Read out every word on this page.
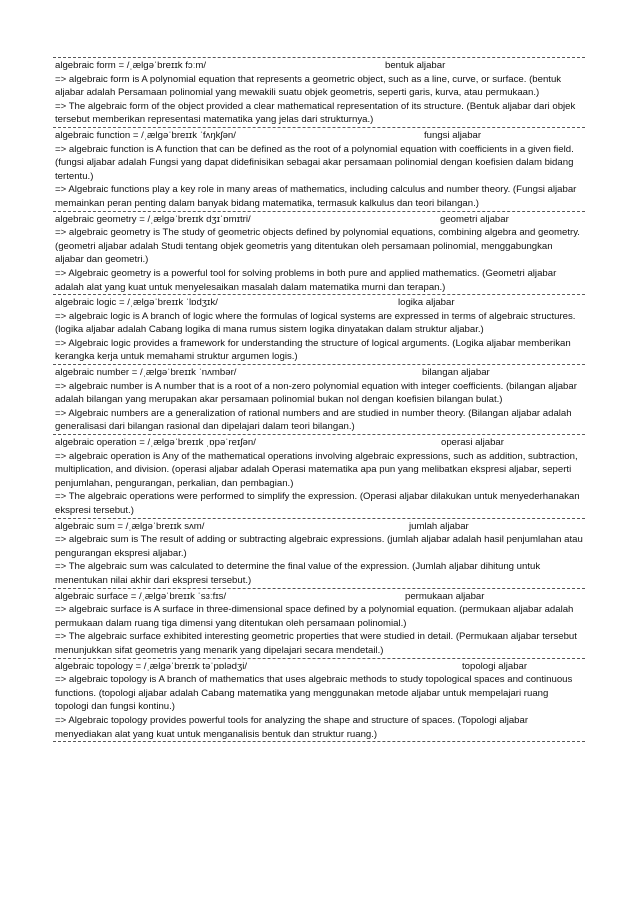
algebraic form = /ˌælɡəˈbreɪɪk fɔːm/	bentuk aljabar

=> algebraic form is A polynomial equation that represents a geometric object, such as a line, curve, or surface. (bentuk aljabar adalah Persamaan polinomial yang mewakili suatu objek geometris, seperti garis, kurva, atau permukaan.)

=> The algebraic form of the object provided a clear mathematical representation of its structure. (Bentuk aljabar dari objek tersebut memberikan representasi matematika yang jelas dari strukturnya.)

algebraic function = /ˌælɡəˈbreɪɪk ˈfʌŋkʃən/	fungsi aljabar

=> algebraic function is A function that can be defined as the root of a polynomial equation with coefficients in a given field. (fungsi aljabar adalah Fungsi yang dapat didefinisikan sebagai akar persamaan polinomial dengan koefisien dalam bidang tertentu.)

=> Algebraic functions play a key role in many areas of mathematics, including calculus and number theory. (Fungsi aljabar memainkan peran penting dalam banyak bidang matematika, termasuk kalkulus dan teori bilangan.)

algebraic geometry = /ˌælɡəˈbreɪɪk dʒɪˈɒmɪtri/	geometri aljabar

=> algebraic geometry is The study of geometric objects defined by polynomial equations, combining algebra and geometry. (geometri aljabar adalah Studi tentang objek geometris yang ditentukan oleh persamaan polinomial, menggabungkan aljabar dan geometri.)

=> Algebraic geometry is a powerful tool for solving problems in both pure and applied mathematics. (Geometri aljabar adalah alat yang kuat untuk menyelesaikan masalah dalam matematika murni dan terapan.)

algebraic logic = /ˌælɡəˈbreɪɪk ˈlɒdʒɪk/	logika aljabar

=> algebraic logic is A branch of logic where the formulas of logical systems are expressed in terms of algebraic structures. (logika aljabar adalah Cabang logika di mana rumus sistem logika dinyatakan dalam struktur aljabar.)

=> Algebraic logic provides a framework for understanding the structure of logical arguments. (Logika aljabar memberikan kerangka kerja untuk memahami struktur argumen logis.)

algebraic number = /ˌælɡəˈbreɪɪk ˈnʌmbər/	bilangan aljabar

=> algebraic number is A number that is a root of a non-zero polynomial equation with integer coefficients. (bilangan aljabar adalah bilangan yang merupakan akar persamaan polinomial bukan nol dengan koefisien bilangan bulat.)

=> Algebraic numbers are a generalization of rational numbers and are studied in number theory. (Bilangan aljabar adalah generalisasi dari bilangan rasional dan dipelajari dalam teori bilangan.)

algebraic operation = /ˌælɡəˈbreɪɪk ˌɒpəˈreɪʃən/	operasi aljabar

=> algebraic operation is Any of the mathematical operations involving algebraic expressions, such as addition, subtraction, multiplication, and division. (operasi aljabar adalah Operasi matematika apa pun yang melibatkan ekspresi aljabar, seperti penjumlahan, pengurangan, perkalian, dan pembagian.)

=> The algebraic operations were performed to simplify the expression. (Operasi aljabar dilakukan untuk menyederhanakan ekspresi tersebut.)

algebraic sum = /ˌælɡəˈbreɪɪk sʌm/	jumlah aljabar

=> algebraic sum is The result of adding or subtracting algebraic expressions. (jumlah aljabar adalah hasil penjumlahan atau pengurangan ekspresi aljabar.)

=> The algebraic sum was calculated to determine the final value of the expression. (Jumlah aljabar dihitung untuk menentukan nilai akhir dari ekspresi tersebut.)

algebraic surface = /ˌælɡəˈbreɪɪk ˈsɜːfɪs/	permukaan aljabar

=> algebraic surface is A surface in three-dimensional space defined by a polynomial equation. (permukaan aljabar adalah permukaan dalam ruang tiga dimensi yang ditentukan oleh persamaan polinomial.)

=> The algebraic surface exhibited interesting geometric properties that were studied in detail. (Permukaan aljabar tersebut menunjukkan sifat geometris yang menarik yang dipelajari secara mendetail.)

algebraic topology = /ˌælɡəˈbreɪɪk təˈpɒlədʒi/	topologi aljabar

=> algebraic topology is A branch of mathematics that uses algebraic methods to study topological spaces and continuous functions. (topologi aljabar adalah Cabang matematika yang menggunakan metode aljabar untuk mempelajari ruang topologi dan fungsi kontinu.)

=> Algebraic topology provides powerful tools for analyzing the shape and structure of spaces. (Topologi aljabar menyediakan alat yang kuat untuk menganalisis bentuk dan struktur ruang.)
